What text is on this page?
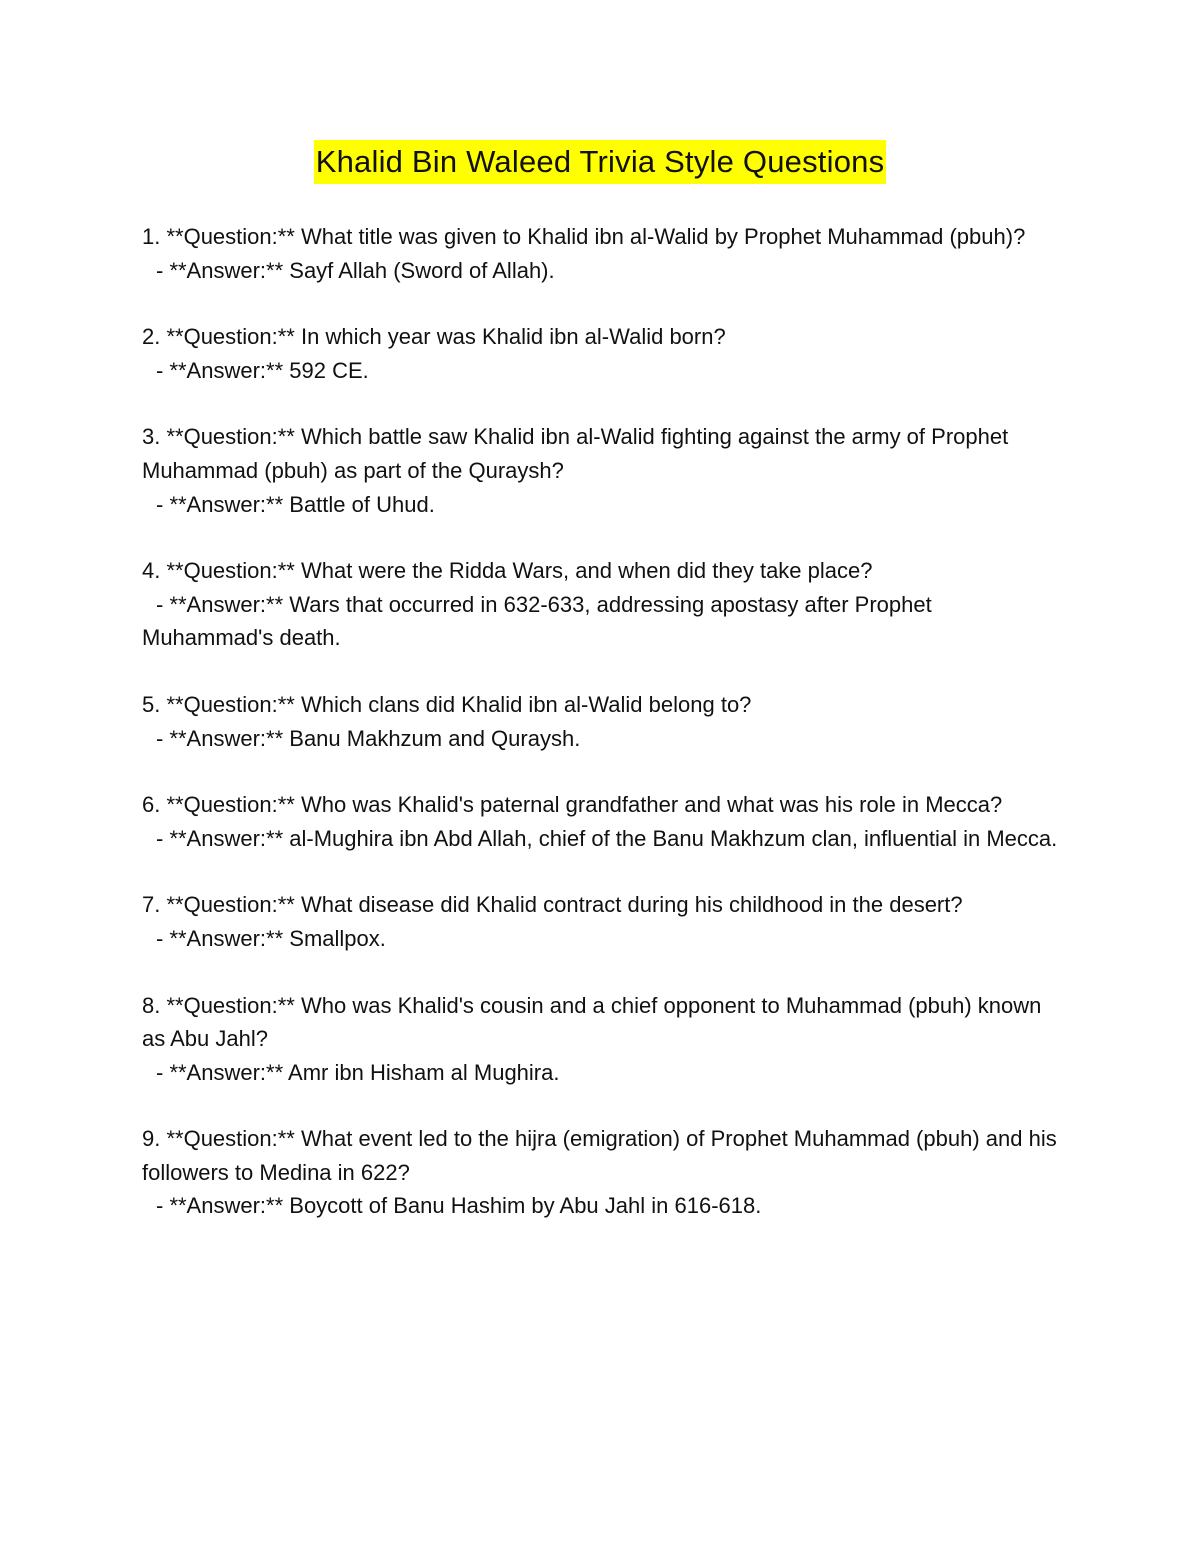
Khalid Bin Waleed Trivia Style Questions
1. **Question:** What title was given to Khalid ibn al-Walid by Prophet Muhammad (pbuh)?
- **Answer:** Sayf Allah (Sword of Allah).
2. **Question:** In which year was Khalid ibn al-Walid born?
- **Answer:** 592 CE.
3. **Question:** Which battle saw Khalid ibn al-Walid fighting against the army of Prophet Muhammad (pbuh) as part of the Quraysh?
- **Answer:** Battle of Uhud.
4. **Question:** What were the Ridda Wars, and when did they take place?
- **Answer:** Wars that occurred in 632-633, addressing apostasy after Prophet Muhammad's death.
5. **Question:** Which clans did Khalid ibn al-Walid belong to?
- **Answer:** Banu Makhzum and Quraysh.
6. **Question:** Who was Khalid's paternal grandfather and what was his role in Mecca?
- **Answer:** al-Mughira ibn Abd Allah, chief of the Banu Makhzum clan, influential in Mecca.
7. **Question:** What disease did Khalid contract during his childhood in the desert?
- **Answer:** Smallpox.
8. **Question:** Who was Khalid's cousin and a chief opponent to Muhammad (pbuh) known as Abu Jahl?
- **Answer:** Amr ibn Hisham al Mughira.
9. **Question:** What event led to the hijra (emigration) of Prophet Muhammad (pbuh) and his followers to Medina in 622?
- **Answer:** Boycott of Banu Hashim by Abu Jahl in 616-618.
